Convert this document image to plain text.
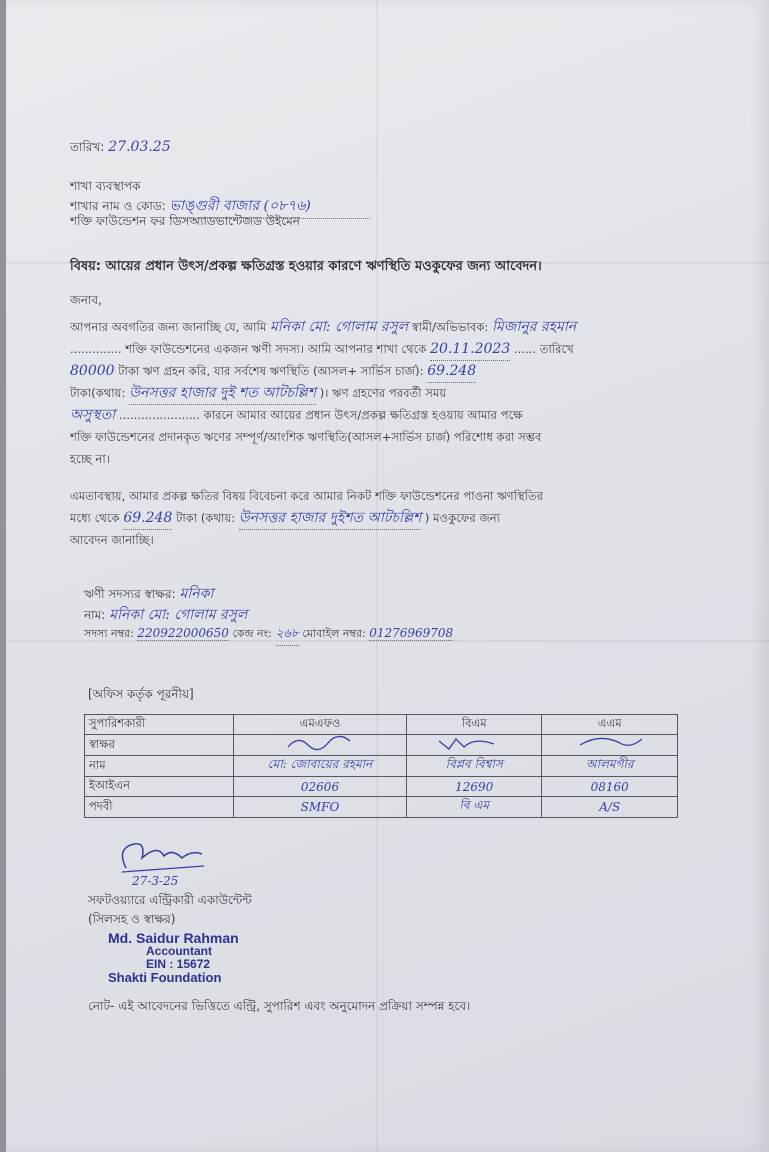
তারিখ: 27.03.25
শাখা ব্যবস্থাপক
শাখার নাম ও কোড: ভাঙ্গুরী বাজার (০৮৭৬)
শক্তি ফাউন্ডেশন ফর ডিসঅ্যাডভান্টেজড উইমেন
বিষয়: আয়ের প্রধান উৎস/প্রকল্প ক্ষতিগ্রস্ত হওয়ার কারণে ঋণস্থিতি মওকুফের জন্য আবেদন।
জনাব,
আপনার অবগতির জন্য জানাচ্ছি যে, আমি মনিকা মো: গোলাম রসুল স্বামী/অভিভাবক: মিজানুর রহমান
.............. শক্তি ফাউন্ডেশনের একজন ঋণী সদস্য। আমি আপনার শাখা থেকে 20.11.2023 ...... তারিখে
80000 টাকা ঋণ গ্রহন করি, যার সর্বশেষ ঋণস্থিতি (আসল+ সার্ভিস চার্জ): 69.248
টাকা(কথায়: উনসত্তর হাজার দুই শত আটচল্লিশ )। ঋণ গ্রহণের পরবর্তী সময়
অসুস্থতা ...................... কারনে আমার আয়ের প্রধান উৎস/প্রকল্প ক্ষতিগ্রস্ত হওয়ায় আমার পক্ষে
শক্তি ফাউন্ডেশনের প্রদানকৃত ঋণের সম্পূর্ণ/আংশিক ঋণস্থিতি(আসল+সার্ভিস চার্জ) পরিশোধ করা সম্ভব
হচ্ছে না।
এমতাবস্থায়, আমার প্রকল্প ক্ষতির বিষয় বিবেচনা করে আমার নিকট শক্তি ফাউন্ডেশনের পাওনা ঋণস্থিতির
মধ্যে থেকে 69.248 টাকা (কথায়: উনসত্তর হাজার দুইশত আটচল্লিশ ) মওকুফের জন্য
আবেদন জানাচ্ছি।
ঋণী সদস্যর স্বাক্ষর: মনিকা
নাম: মনিকা মো: গোলাম রসুল
সদস্য নম্বর: 220922000650 কেন্দ্র নং: ২৬৮ মোবাইল নম্বর: 01276969708
[অফিস কর্তৃক পূরনীয়]
সুপারিশকারী	এমএফও	বিএম	এএম
স্বাক্ষর			
নাম	মো: জোবায়ের রহমান	বিপ্লব বিশ্বাস	আলমগীর
ইআইএন	02606	12690	08160
পদবী	SMFO	বি এম	A/S
27-3-25
সফটওয়্যারে এন্ট্রিকারী একাউন্টেন্ট
(সিলসহ ও স্বাক্ষর)
Md. Saidur Rahman
Accountant
EIN : 15672
Shakti Foundation
নোট- এই আবেদনের ভিত্তিতে এন্ট্রি, সুপারিশ এবং অনুমোদন প্রক্রিয়া সম্পন্ন হবে।
